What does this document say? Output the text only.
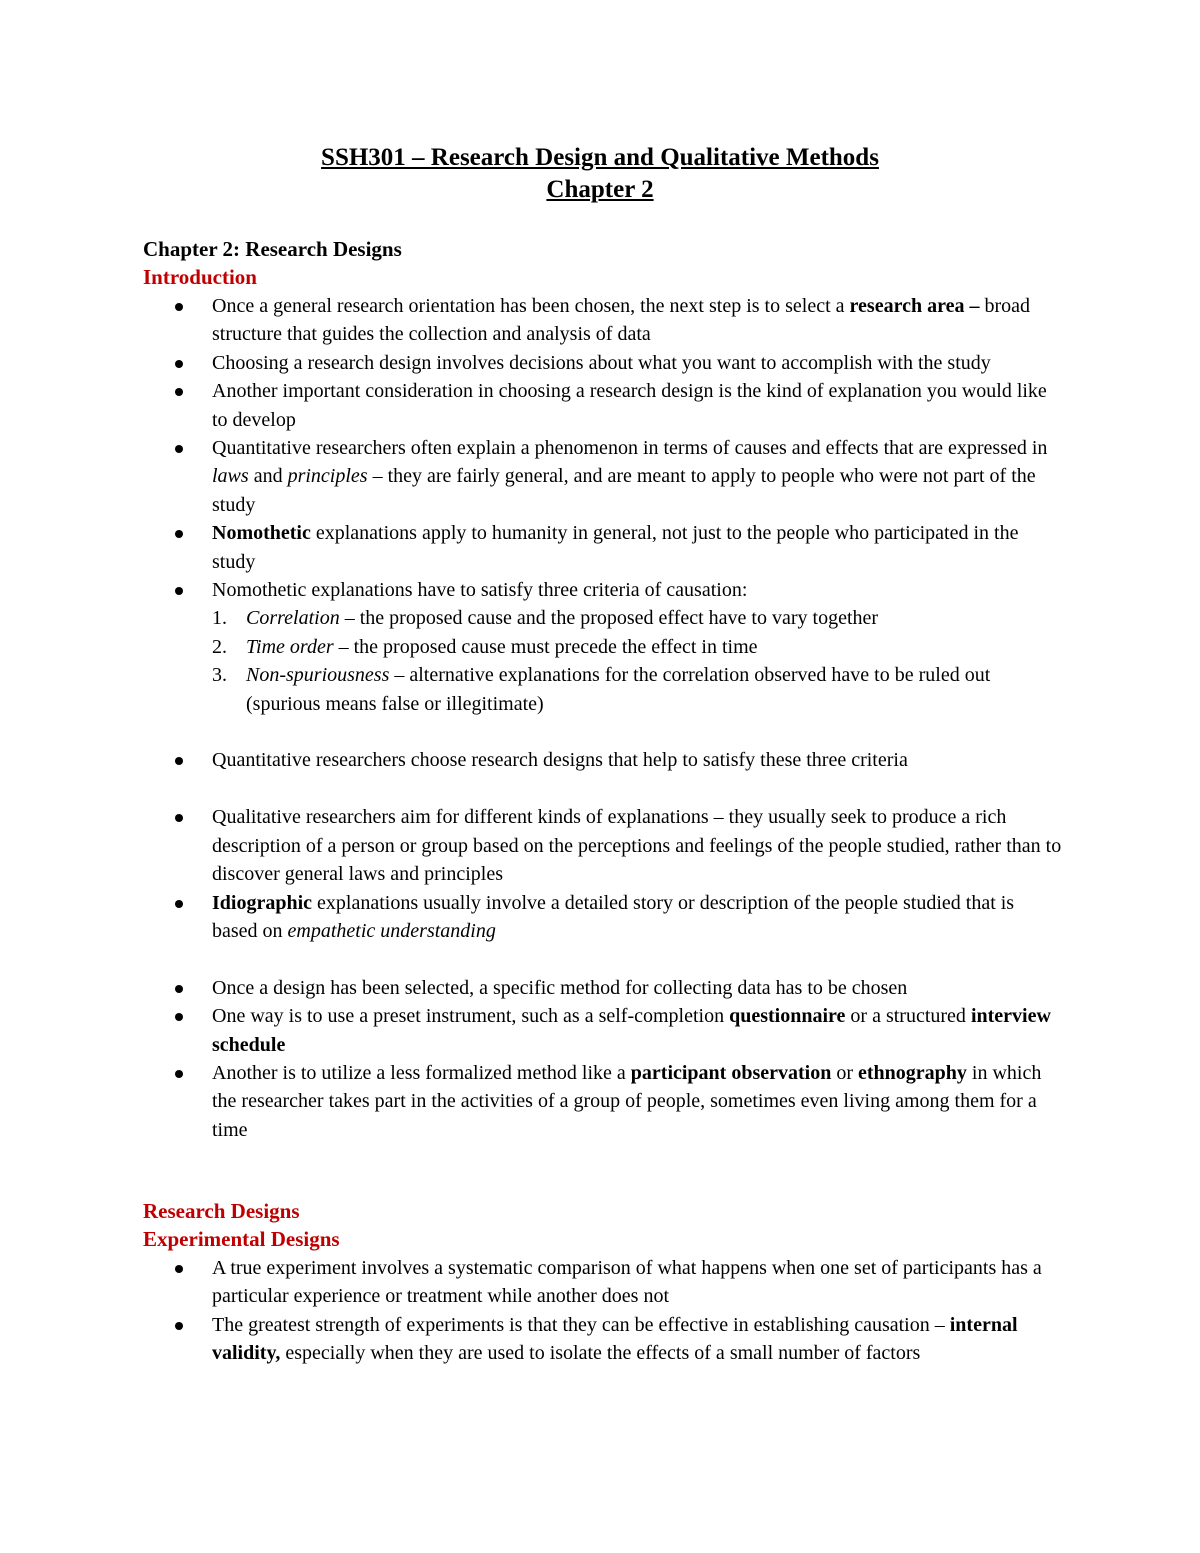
SSH301 – Research Design and Qualitative Methods
Chapter 2
Chapter 2: Research Designs
Introduction
Once a general research orientation has been chosen, the next step is to select a research area – broad structure that guides the collection and analysis of data
Choosing a research design involves decisions about what you want to accomplish with the study
Another important consideration in choosing a research design is the kind of explanation you would like to develop
Quantitative researchers often explain a phenomenon in terms of causes and effects that are expressed in laws and principles – they are fairly general, and are meant to apply to people who were not part of the study
Nomothetic explanations apply to humanity in general, not just to the people who participated in the study
Nomothetic explanations have to satisfy three criteria of causation:
1. Correlation – the proposed cause and the proposed effect have to vary together
2. Time order – the proposed cause must precede the effect in time
3. Non-spuriousness – alternative explanations for the correlation observed have to be ruled out (spurious means false or illegitimate)
Quantitative researchers choose research designs that help to satisfy these three criteria
Qualitative researchers aim for different kinds of explanations – they usually seek to produce a rich description of a person or group based on the perceptions and feelings of the people studied, rather than to discover general laws and principles
Idiographic explanations usually involve a detailed story or description of the people studied that is based on empathetic understanding
Once a design has been selected, a specific method for collecting data has to be chosen
One way is to use a preset instrument, such as a self-completion questionnaire or a structured interview schedule
Another is to utilize a less formalized method like a participant observation or ethnography in which the researcher takes part in the activities of a group of people, sometimes even living among them for a time
Research Designs
Experimental Designs
A true experiment involves a systematic comparison of what happens when one set of participants has a particular experience or treatment while another does not
The greatest strength of experiments is that they can be effective in establishing causation – internal validity, especially when they are used to isolate the effects of a small number of factors
